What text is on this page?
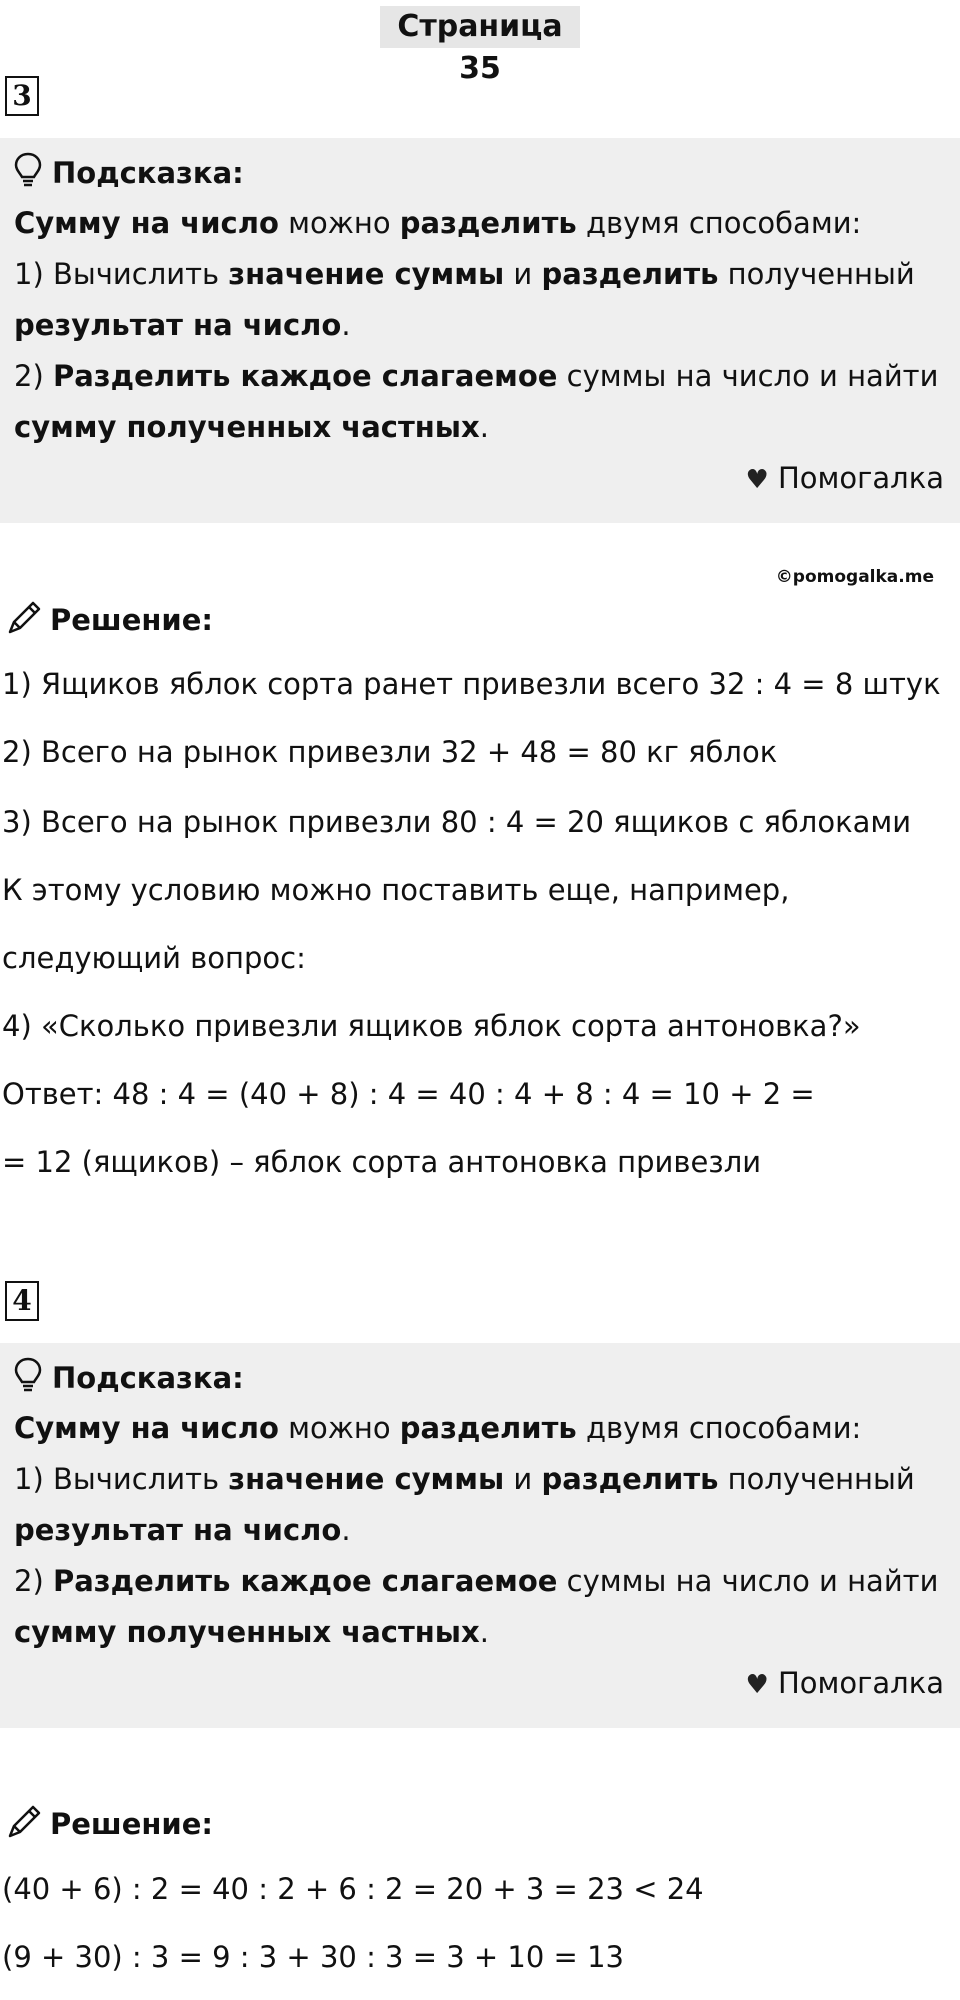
Страница 35
3
Подсказка:
Сумму на число можно разделить двумя способами:
1) Вычислить значение суммы и разделить полученный
результат на число.
2) Разделить каждое слагаемое суммы на число и найти
сумму полученных частных.
♥ Помогалка
©pomogalka.me
Решение:
1) Ящиков яблок сорта ранет привезли всего 32 : 4 = 8 штук
2) Всего на рынок привезли 32 + 48 = 80 кг яблок
3) Всего на рынок привезли 80 : 4 = 20 ящиков с яблоками
К этому условию можно поставить еще, например,
следующий вопрос:
4) «Сколько привезли ящиков яблок сорта антоновка?»
Ответ: 48 : 4 = (40 + 8) : 4 = 40 : 4 + 8 : 4 = 10 + 2 =
= 12 (ящиков) – яблок сорта антоновка привезли
4
Подсказка:
Сумму на число можно разделить двумя способами:
1) Вычислить значение суммы и разделить полученный
результат на число.
2) Разделить каждое слагаемое суммы на число и найти
сумму полученных частных.
♥ Помогалка
Решение:
(40 + 6) : 2 = 40 : 2 + 6 : 2 = 20 + 3 = 23 < 24
(9 + 30) : 3 = 9 : 3 + 30 : 3 = 3 + 10 = 13
